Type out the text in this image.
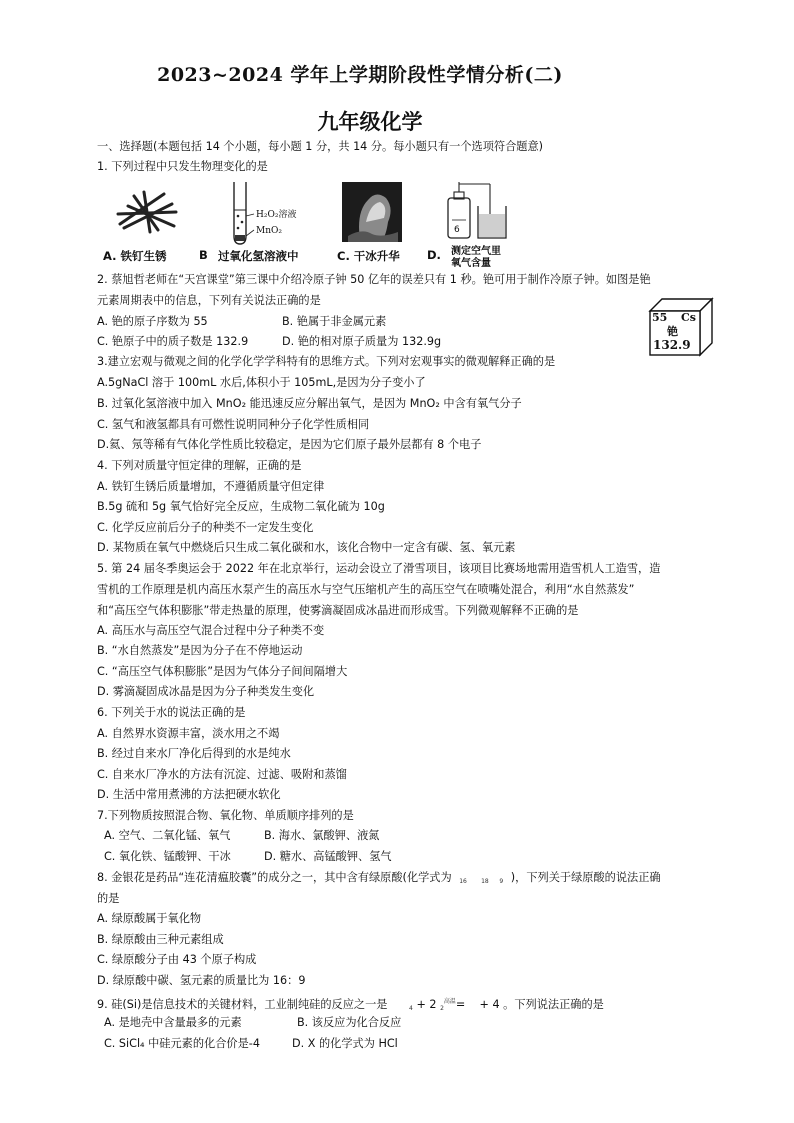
2023~2024 学年上学期阶段性学情分析(二)
九年级化学
一、选择题(本题包括 14 个小题，每小题 1 分，共 14 分。每小题只有一个选项符合题意)
1. 下列过程中只发生物理变化的是
H₂O₂溶液
MnO₂	6
A. 铁钉生锈	B 过氧化氢溶液中	C. 干冰升华 D. 测定空气里
氧气含量
2. 蔡旭哲老师在“天宫课堂”第三课中介绍冷原子钟 50 亿年的误差只有 1 秒。铯可用于制作冷原子钟。如图是铯
元素周期表中的信息，下列有关说法正确的是
A. 铯的原子序数为 55	B. 铯属于非金属元素
C. 铯原子中的质子数是 132.9	D. 铯的相对原子质量为 132.9g
55 Cs
铯
132.9
3.建立宏观与微观之间的化学化学学科特有的思维方式。下列对宏观事实的微观解释正确的是
A.5gNaCl 溶于 100mL 水后,体积小于 105mL,是因为分子变小了
B. 过氧化氢溶液中加入 MnO₂ 能迅速反应分解出氧气，是因为 MnO₂ 中含有氧气分子
C. 氢气和液氢都具有可燃性说明同种分子化学性质相同
D.氦、氖等稀有气体化学性质比较稳定，是因为它们原子最外层都有 8 个电子
4. 下列对质量守恒定律的理解，正确的是
A. 铁钉生锈后质量增加，不遵循质量守但定律
B.5g 硫和 5g 氧气恰好完全反应，生成物二氧化硫为 10g
C. 化学反应前后分子的种类不一定发生变化
D. 某物质在氧气中燃烧后只生成二氧化碳和水，该化合物中一定含有碳、氢、氧元素
5. 第 24 届冬季奥运会于 2022 年在北京举行，运动会设立了滑雪项目，该项目比赛场地需用造雪机人工造雪，造
雪机的工作原理是机内高压水泵产生的高压水与空气压缩机产生的高压空气在喷嘴处混合，利用“水自然蒸发”
和“高压空气体积膨胀”带走热量的原理，使雾滴凝固成冰晶进而形成雪。下列微观解释不正确的是
A. 高压水与高压空气混合过程中分子种类不变
B. “水自然蒸发”是因为分子在不停地运动
C. “高压空气体积膨胀”是因为气体分子间间隔增大
D. 雾滴凝固成冰晶是因为分子种类发生变化
6. 下列关于水的说法正确的是
A. 自然界水资源丰富，淡水用之不竭
B. 经过自来水厂净化后得到的水是纯水
C. 自来水厂净水的方法有沉淀、过滤、吸附和蒸馏
D. 生活中常用煮沸的方法把硬水软化
7.下列物质按照混合物、氧化物、单质顺序排列的是
A. 空气、二氧化锰、氧气	B. 海水、氯酸钾、液氮
C. 氧化铁、锰酸钾、干冰	D. 糖水、高锰酸钾、氢气
8. 金银花是药品“连花清瘟胶囊”的成分之一，其中含有绿原酸(化学式为 16 18 9 )，下列关于绿原酸的说法正确
的是
A. 绿原酸属于氧化物
B. 绿原酸由三种元素组成
C. 绿原酸分子由 43 个原子构成
D. 绿原酸中碳、氢元素的质量比为 16：9
9. 硅(Si)是信息技术的关键材料，工业制纯硅的反应之一是	4 + 2 $2^{高温}= + 4$ 。下列说法正确的是
A. 是地壳中含量最多的元素	B. 该反应为化合反应
C. SiCl₄ 中硅元素的化合价是-4	D. X 的化学式为 HCl
